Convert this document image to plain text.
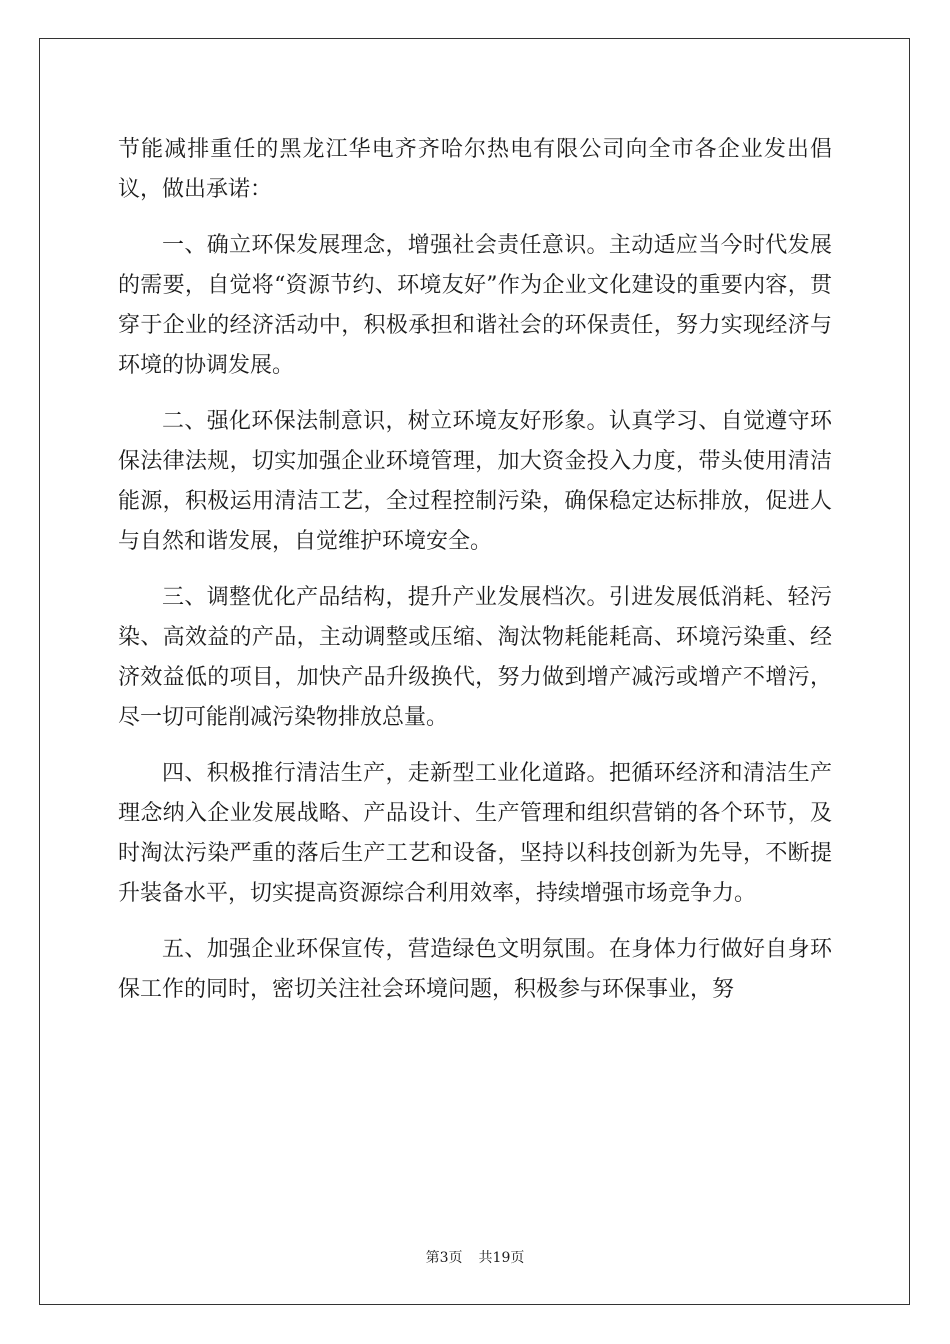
节能减排重任的黑龙江华电齐齐哈尔热电有限公司向全市各企业发出倡议，做出承诺：

一、确立环保发展理念，增强社会责任意识。主动适应当今时代发展的需要，自觉将“资源节约、环境友好”作为企业文化建设的重要内容，贯穿于企业的经济活动中，积极承担和谐社会的环保责任，努力实现经济与环境的协调发展。

二、强化环保法制意识，树立环境友好形象。认真学习、自觉遵守环保法律法规，切实加强企业环境管理，加大资金投入力度，带头使用清洁能源，积极运用清洁工艺，全过程控制污染，确保稳定达标排放，促进人与自然和谐发展，自觉维护环境安全。

三、调整优化产品结构，提升产业发展档次。引进发展低消耗、轻污染、高效益的产品，主动调整或压缩、淘汰物耗能耗高、环境污染重、经济效益低的项目，加快产品升级换代，努力做到增产减污或增产不增污，尽一切可能削减污染物排放总量。

四、积极推行清洁生产，走新型工业化道路。把循环经济和清洁生产理念纳入企业发展战略、产品设计、生产管理和组织营销的各个环节，及时淘汰污染严重的落后生产工艺和设备，坚持以科技创新为先导，不断提升装备水平，切实提高资源综合利用效率，持续增强市场竞争力。

五、加强企业环保宣传，营造绿色文明氛围。在身体力行做好自身环保工作的同时，密切关注社会环境问题，积极参与环保事业，努

第3页 共19页
